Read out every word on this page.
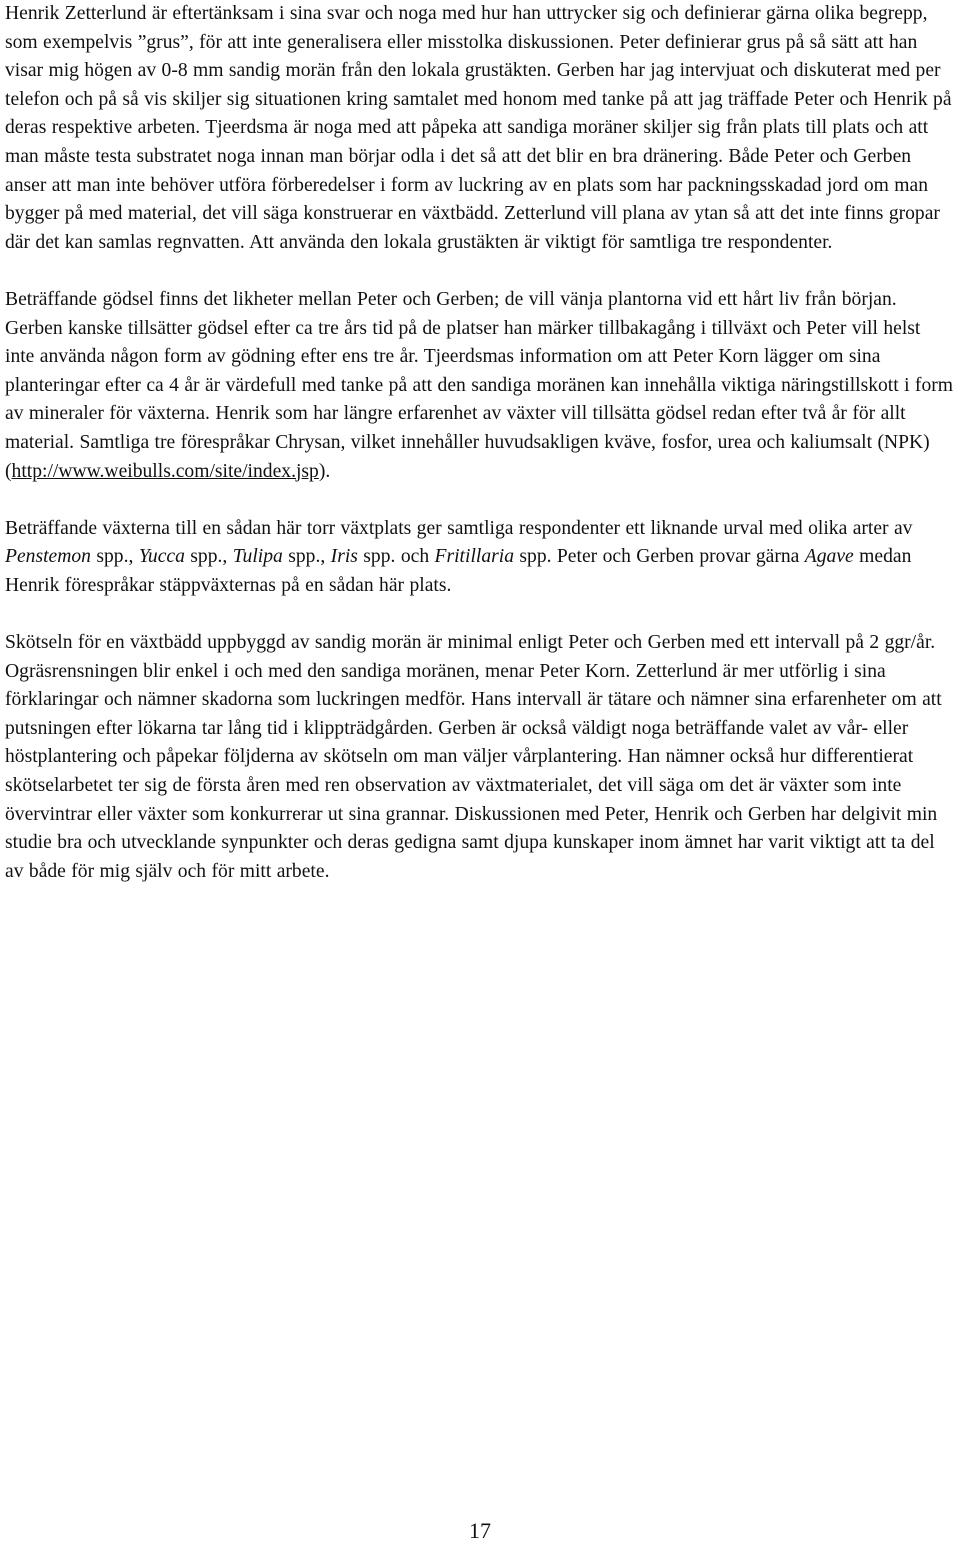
Henrik Zetterlund är eftertänksam i sina svar och noga med hur han uttrycker sig och definierar gärna olika begrepp, som exempelvis ”grus”, för att inte generalisera eller misstolka diskussionen. Peter definierar grus på så sätt att han visar mig högen av 0-8 mm sandig morän från den lokala grustäkten. Gerben har jag intervjuat och diskuterat med per telefon och på så vis skiljer sig situationen kring samtalet med honom med tanke på att jag träffade Peter och Henrik på deras respektive arbeten. Tjeerdsma är noga med att påpeka att sandiga moräner skiljer sig från plats till plats och att man måste testa substratet noga innan man börjar odla i det så att det blir en bra dränering. Både Peter och Gerben anser att man inte behöver utföra förberedelser i form av luckring av en plats som har packningsskadad jord om man bygger på med material, det vill säga konstruerar en växtbädd. Zetterlund vill plana av ytan så att det inte finns gropar där det kan samlas regnvatten. Att använda den lokala grustäkten är viktigt för samtliga tre respondenter.

Beträffande gödsel finns det likheter mellan Peter och Gerben; de vill vänja plantorna vid ett hårt liv från början. Gerben kanske tillsätter gödsel efter ca tre års tid på de platser han märker tillbakagång i tillväxt och Peter vill helst inte använda någon form av gödning efter ens tre år. Tjeerdsmas information om att Peter Korn lägger om sina planteringar efter ca 4 år är värdefull med tanke på att den sandiga moränen kan innehålla viktiga näringstillskott i form av mineraler för växterna. Henrik som har längre erfarenhet av växter vill tillsätta gödsel redan efter två år för allt material. Samtliga tre förespråkar Chrysan, vilket innehåller huvudsakligen kväve, fosfor, urea och kaliumsalt (NPK) (http://www.weibulls.com/site/index.jsp).

Beträffande växterna till en sådan här torr växtplats ger samtliga respondenter ett liknande urval med olika arter av Penstemon spp., Yucca spp., Tulipa spp., Iris spp. och Fritillaria spp. Peter och Gerben provar gärna Agave medan Henrik förespråkar stäppväxternas på en sådan här plats.

Skötseln för en växtbädd uppbyggd av sandig morän är minimal enligt Peter och Gerben med ett intervall på 2 ggr/år. Ogräsrensningen blir enkel i och med den sandiga moränen, menar Peter Korn. Zetterlund är mer utförlig i sina förklaringar och nämner skadorna som luckringen medför. Hans intervall är tätare och nämner sina erfarenheter om att putsningen efter lökarna tar lång tid i klippträdgården. Gerben är också väldigt noga beträffande valet av vår- eller höstplantering och påpekar följderna av skötseln om man väljer vårplantering. Han nämner också hur differentierat skötselarbetet ter sig de första åren med ren observation av växtmaterialet, det vill säga om det är växter som inte övervintrar eller växter som konkurrerar ut sina grannar. Diskussionen med Peter, Henrik och Gerben har delgivit min studie bra och utvecklande synpunkter och deras gedigna samt djupa kunskaper inom ämnet har varit viktigt att ta del av både för mig själv och för mitt arbete.

17
